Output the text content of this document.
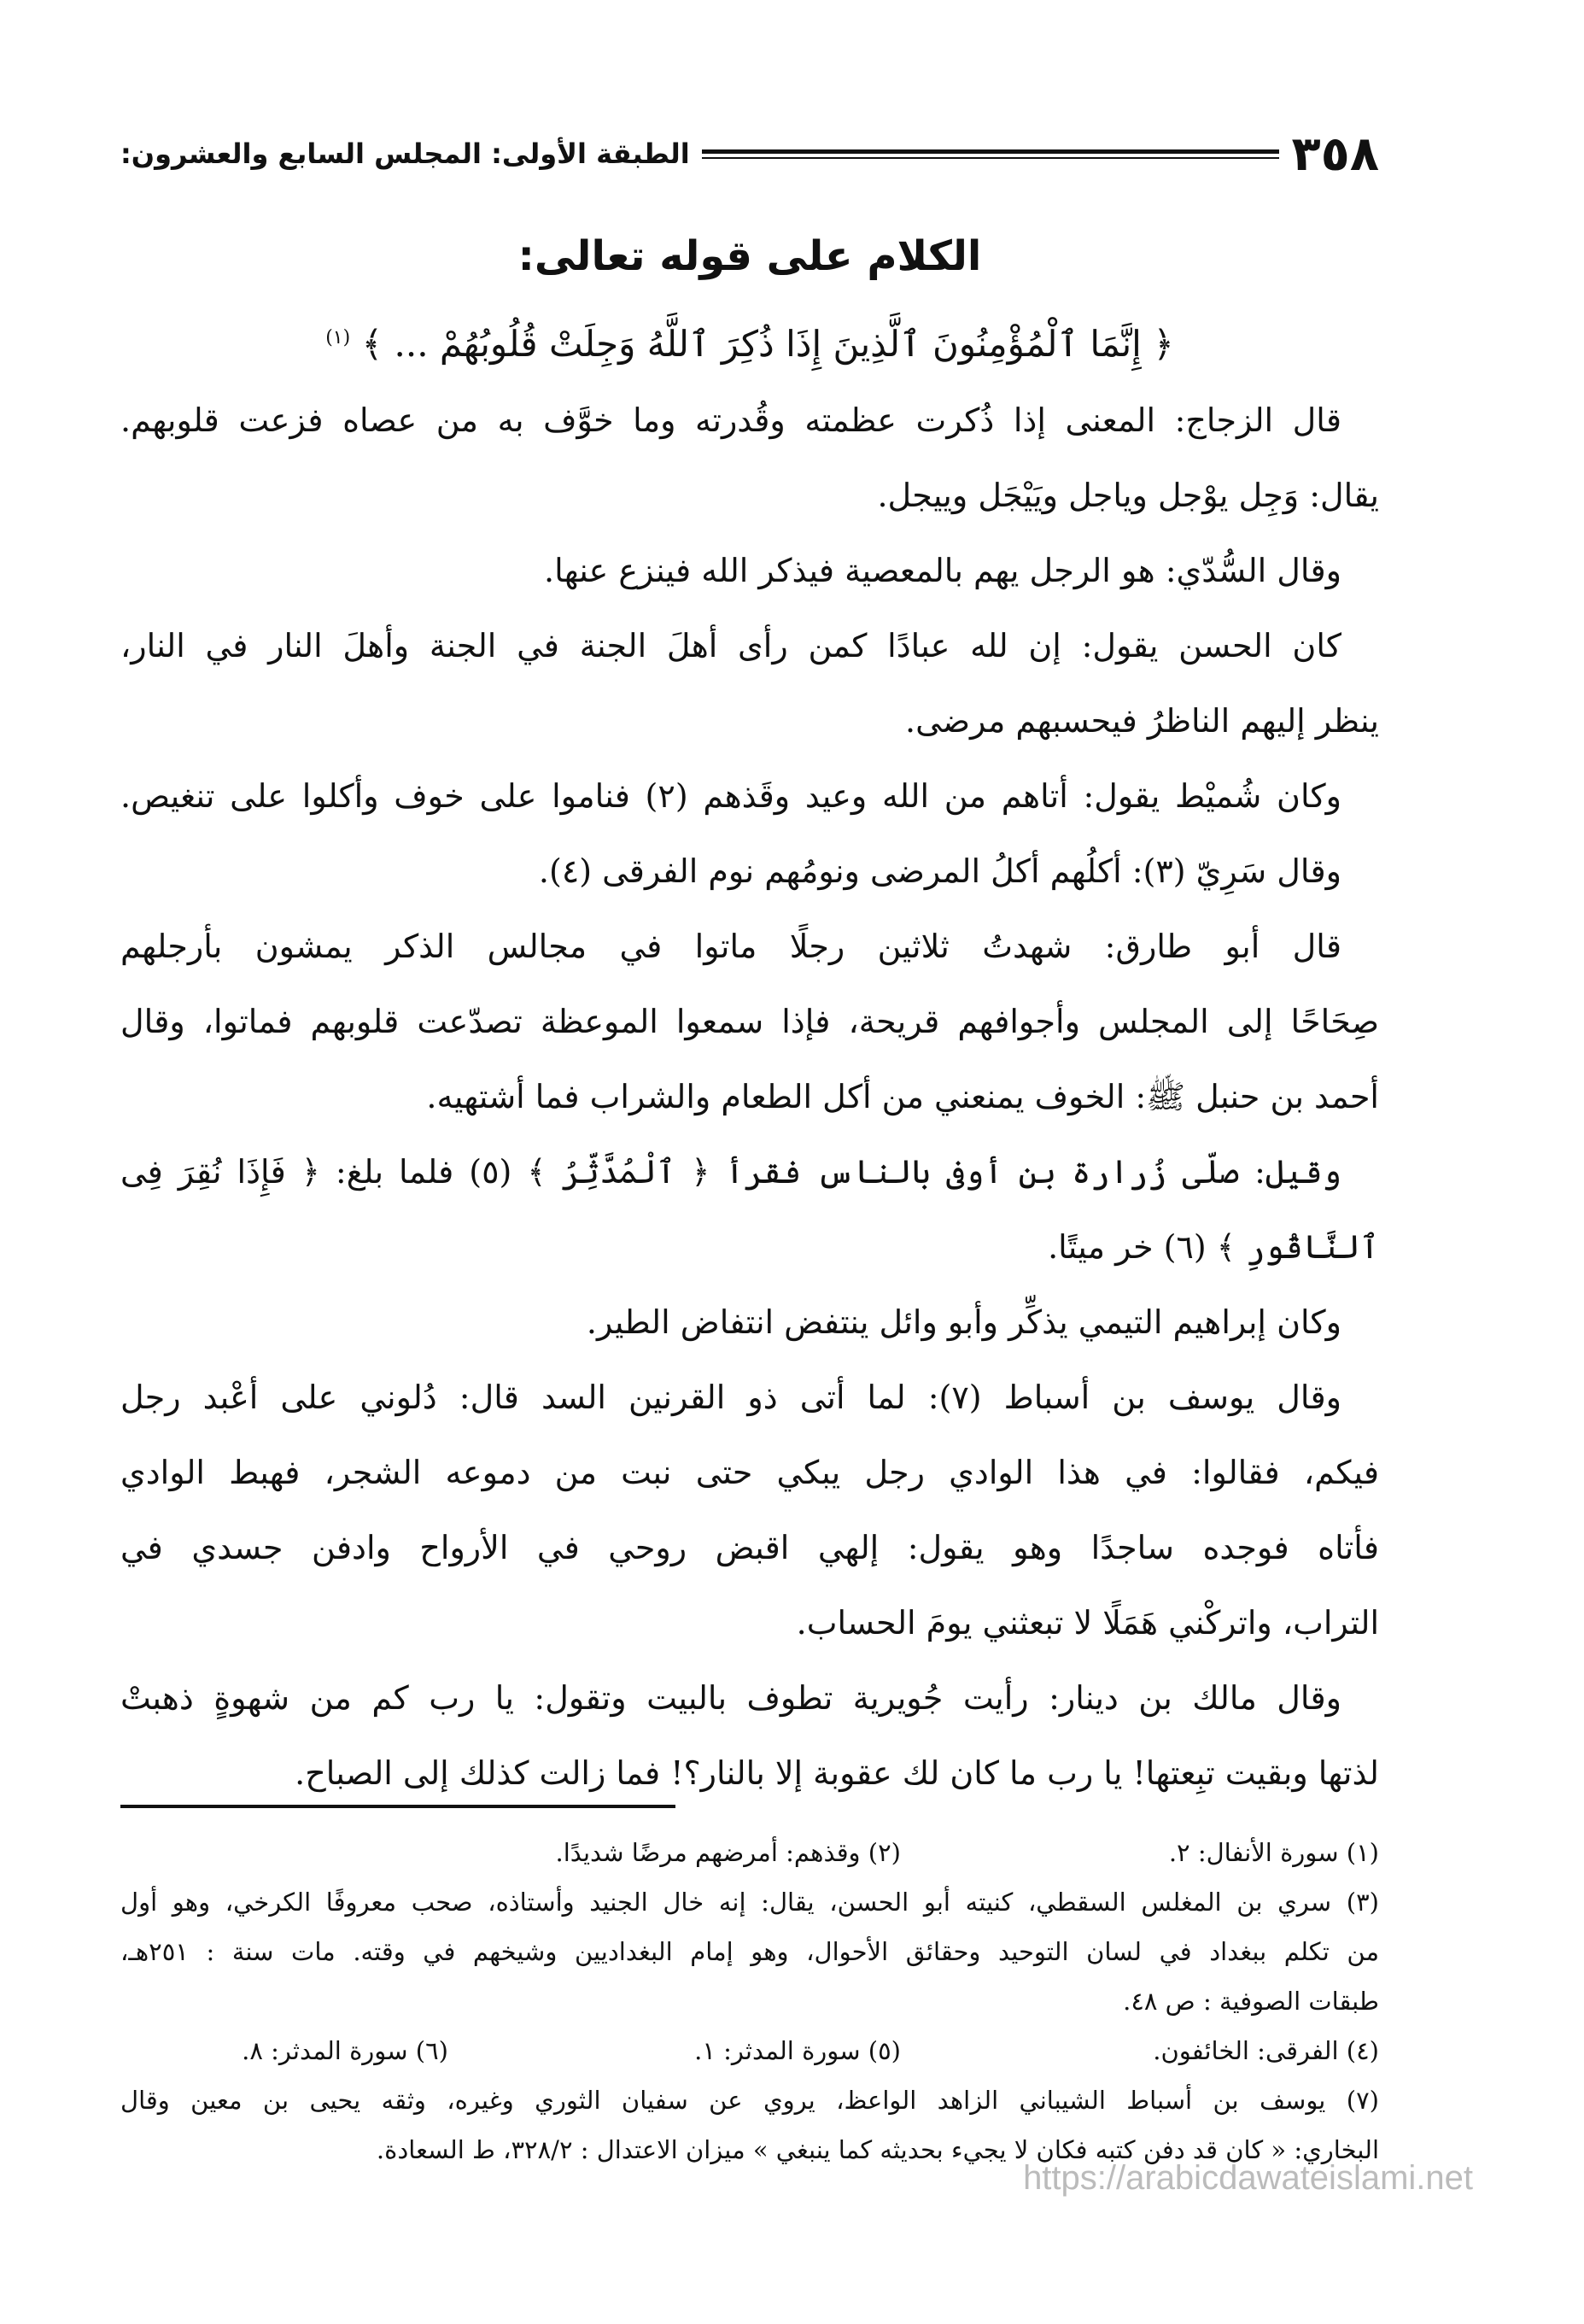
٣٥٨
الطبقة الأولى: المجلس السابع والعشرون:
الكلام على قوله تعالى:
﴿ إِنَّمَا ٱلْمُؤْمِنُونَ ٱلَّذِينَ إِذَا ذُكِرَ ٱللَّهُ وَجِلَتْ قُلُوبُهُمْ ... ﴾ $^{(١)}$
قال الزجاج: المعنى إذا ذُكرت عظمته وقُدرته وما خوَّف به من عصاه فزعت قلوبهم.
يقال: وَجِل يوْجل وياجل ويَيْجَل وييجل.
وقال السُّدّي: هو الرجل يهم بالمعصية فيذكر الله فينزع عنها.
كان الحسن يقول: إن لله عبادًا كمن رأى أهلَ الجنة في الجنة وأهلَ النار في النار،
ينظر إليهم الناظرُ فيحسبهم مرضى.
وكان شُميْط يقول: أتاهم من الله وعيد وقَذهم (٢) فناموا على خوف وأكلوا على تنغيص.
وقال سَرِيّ (٣): أكلُهم أكلُ المرضى ونومُهم نوم الفرقى (٤).
قال أبو طارق: شهدتُ ثلاثين رجلًا ماتوا في مجالس الذكر يمشون بأرجلهم
صِحَاحًا إلى المجلس وأجوافهم قريحة، فإذا سمعوا الموعظة تصدّعت قلوبهم فماتوا، وقال
أحمد بن حنبل ﷺ: الخوف يمنعني من أكل الطعام والشراب فما أشتهيه.
وقيل: صلّى زُرارة بن أوفى بالناس فقرأ ﴿ ٱلْمُدَّثِّرُ ﴾ (٥) فلما بلغ: ﴿ فَإِذَا نُقِرَ فِى
ٱلنَّاقُورِ ﴾ (٦) خر ميتًا.
وكان إبراهيم التيمي يذكِّر وأبو وائل ينتفض انتفاض الطير.
وقال يوسف بن أسباط (٧): لما أتى ذو القرنين السد قال: دُلوني على أعْبد رجل
فيكم، فقالوا: في هذا الوادي رجل يبكي حتى نبت من دموعه الشجر، فهبط الوادي
فأتاه فوجده ساجدًا وهو يقول: إلهي اقبض روحي في الأرواح وادفن جسدي في
التراب، واتركْني هَمَلًا لا تبعثني يومَ الحساب.
وقال مالك بن دينار: رأيت جُويرية تطوف بالبيت وتقول: يا رب كم من شهوةٍ ذهبتْ
لذتها وبقيت تبِعتها! يا رب ما كان لك عقوبة إلا بالنار؟! فما زالت كذلك إلى الصباح.
(١) سورة الأنفال: ٢.
(٢) وقذهم: أمرضهم مرضًا شديدًا.
(٣) سري بن المغلس السقطي، كنيته أبو الحسن، يقال: إنه خال الجنيد وأستاذه، صحب معروفًا الكرخي، وهو أول
من تكلم ببغداد في لسان التوحيد وحقائق الأحوال، وهو إمام البغداديين وشيخهم في وقته. مات سنة : ٢٥١هـ،
طبقات الصوفية : ص ٤٨.
(٤) الفرقى: الخائفون.
(٥) سورة المدثر: ١.
(٦) سورة المدثر: ٨.
(٧) يوسف بن أسباط الشيباني الزاهد الواعظ، يروي عن سفيان الثوري وغيره، وثقه يحيى بن معين وقال
البخاري: « كان قد دفن كتبه فكان لا يجيء بحديثه كما ينبغي » ميزان الاعتدال : ٣٢٨/٢، ط السعادة.
https://arabicdawateislami.net
